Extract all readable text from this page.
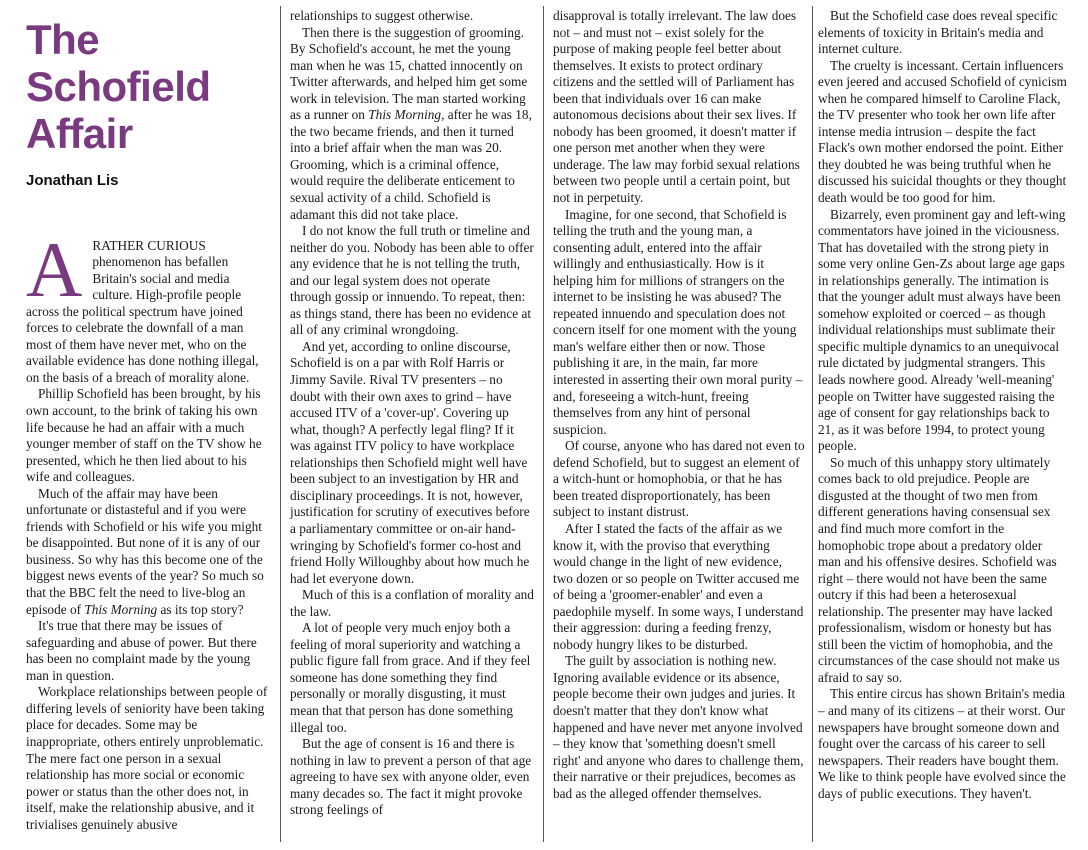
The
Schofield
Affair
Jonathan Lis

A RATHER CURIOUS phenomenon has befallen Britain's social and media culture. High-profile people across the political spectrum have joined forces to celebrate the downfall of a man most of them have never met, who on the available evidence has done nothing illegal, on the basis of a breach of morality alone.

Phillip Schofield has been brought, by his own account, to the brink of taking his own life because he had an affair with a much younger member of staff on the TV show he presented, which he then lied about to his wife and colleagues.

Much of the affair may have been unfortunate or distasteful and if you were friends with Schofield or his wife you might be disappointed. But none of it is any of our business. So why has this become one of the biggest news events of the year? So much so that the BBC felt the need to live-blog an episode of This Morning as its top story?

It's true that there may be issues of safeguarding and abuse of power. But there has been no complaint made by the young man in question.

Workplace relationships between people of differing levels of seniority have been taking place for decades. Some may be inappropriate, others entirely unproblematic. The mere fact one person in a sexual relationship has more social or economic power or status than the other does not, in itself, make the relationship abusive, and it trivialises genuinely abusive

relationships to suggest otherwise.

Then there is the suggestion of grooming. By Schofield's account, he met the young man when he was 15, chatted innocently on Twitter afterwards, and helped him get some work in television. The man started working as a runner on This Morning, after he was 18, the two became friends, and then it turned into a brief affair when the man was 20. Grooming, which is a criminal offence, would require the deliberate enticement to sexual activity of a child. Schofield is adamant this did not take place.

I do not know the full truth or timeline and neither do you. Nobody has been able to offer any evidence that he is not telling the truth, and our legal system does not operate through gossip or innuendo. To repeat, then: as things stand, there has been no evidence at all of any criminal wrongdoing.

And yet, according to online discourse, Schofield is on a par with Rolf Harris or Jimmy Savile. Rival TV presenters – no doubt with their own axes to grind – have accused ITV of a 'cover-up'. Covering up what, though? A perfectly legal fling? If it was against ITV policy to have workplace relationships then Schofield might well have been subject to an investigation by HR and disciplinary proceedings. It is not, however, justification for scrutiny of executives before a parliamentary committee or on-air hand-wringing by Schofield's former co-host and friend Holly Willoughby about how much he had let everyone down.

Much of this is a conflation of morality and the law.

A lot of people very much enjoy both a feeling of moral superiority and watching a public figure fall from grace. And if they feel someone has done something they find personally or morally disgusting, it must mean that that person has done something illegal too.

But the age of consent is 16 and there is nothing in law to prevent a person of that age agreeing to have sex with anyone older, even many decades so. The fact it might provoke strong feelings of

disapproval is totally irrelevant. The law does not – and must not – exist solely for the purpose of making people feel better about themselves. It exists to protect ordinary citizens and the settled will of Parliament has been that individuals over 16 can make autonomous decisions about their sex lives. If nobody has been groomed, it doesn't matter if one person met another when they were underage. The law may forbid sexual relations between two people until a certain point, but not in perpetuity.

Imagine, for one second, that Schofield is telling the truth and the young man, a consenting adult, entered into the affair willingly and enthusiastically. How is it helping him for millions of strangers on the internet to be insisting he was abused? The repeated innuendo and speculation does not concern itself for one moment with the young man's welfare either then or now. Those publishing it are, in the main, far more interested in asserting their own moral purity – and, foreseeing a witch-hunt, freeing themselves from any hint of personal suspicion.

Of course, anyone who has dared not even to defend Schofield, but to suggest an element of a witch-hunt or homophobia, or that he has been treated disproportionately, has been subject to instant distrust.

After I stated the facts of the affair as we know it, with the proviso that everything would change in the light of new evidence, two dozen or so people on Twitter accused me of being a 'groomer-enabler' and even a paedophile myself. In some ways, I understand their aggression: during a feeding frenzy, nobody hungry likes to be disturbed.

The guilt by association is nothing new. Ignoring available evidence or its absence, people become their own judges and juries. It doesn't matter that they don't know what happened and have never met anyone involved – they know that 'something doesn't smell right' and anyone who dares to challenge them, their narrative or their prejudices, becomes as bad as the alleged offender themselves.

But the Schofield case does reveal specific elements of toxicity in Britain's media and internet culture.

The cruelty is incessant. Certain influencers even jeered and accused Schofield of cynicism when he compared himself to Caroline Flack, the TV presenter who took her own life after intense media intrusion – despite the fact Flack's own mother endorsed the point. Either they doubted he was being truthful when he discussed his suicidal thoughts or they thought death would be too good for him.

Bizarrely, even prominent gay and left-wing commentators have joined in the viciousness. That has dovetailed with the strong piety in some very online Gen-Zs about large age gaps in relationships generally. The intimation is that the younger adult must always have been somehow exploited or coerced – as though individual relationships must sublimate their specific multiple dynamics to an unequivocal rule dictated by judgmental strangers. This leads nowhere good. Already 'well-meaning' people on Twitter have suggested raising the age of consent for gay relationships back to 21, as it was before 1994, to protect young people.

So much of this unhappy story ultimately comes back to old prejudice. People are disgusted at the thought of two men from different generations having consensual sex and find much more comfort in the homophobic trope about a predatory older man and his offensive desires. Schofield was right – there would not have been the same outcry if this had been a heterosexual relationship. The presenter may have lacked professionalism, wisdom or honesty but has still been the victim of homophobia, and the circumstances of the case should not make us afraid to say so.

This entire circus has shown Britain's media – and many of its citizens – at their worst. Our newspapers have brought someone down and fought over the carcass of his career to sell newspapers. Their readers have bought them. We like to think people have evolved since the days of public executions. They haven't.
